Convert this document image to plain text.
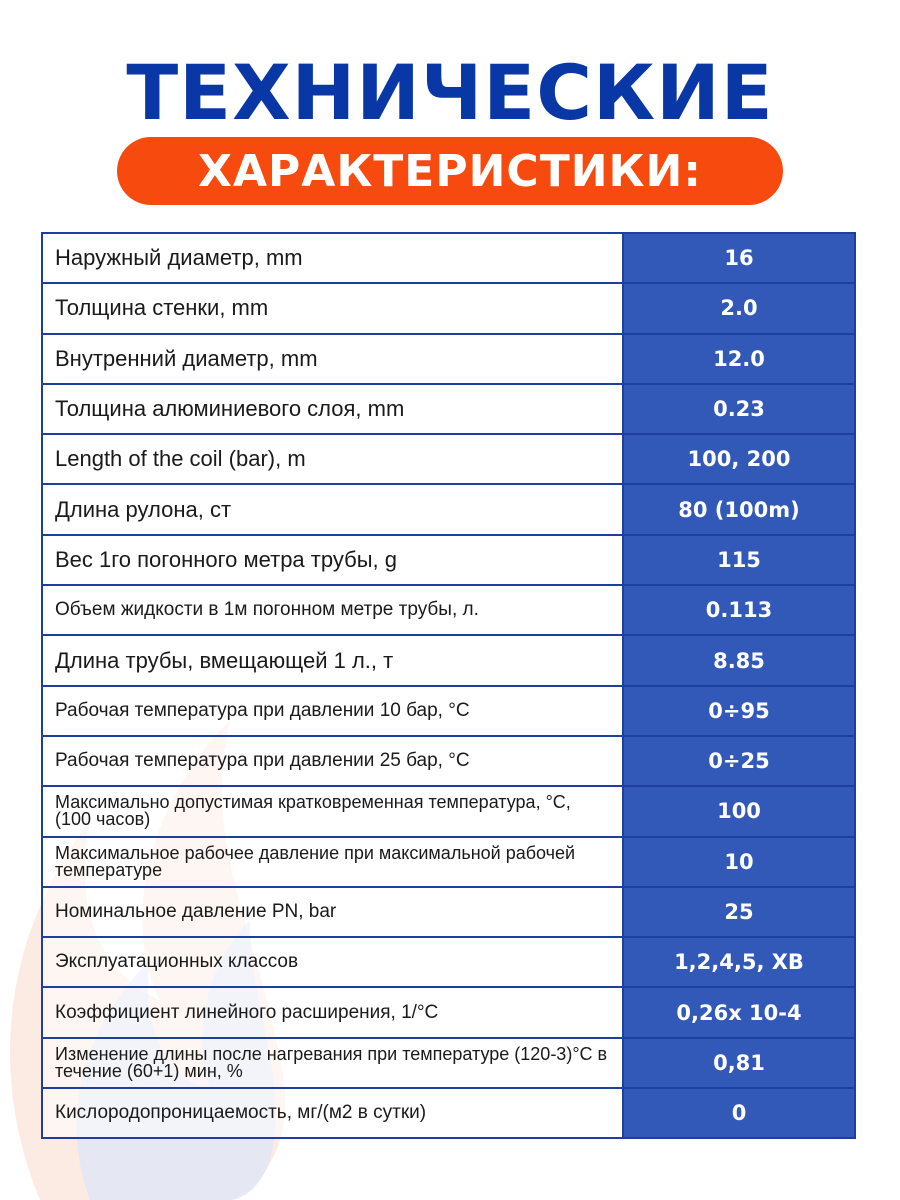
ТЕХНИЧЕСКИЕ
ХАРАКТЕРИСТИКИ:
Наружный диаметр, mm	16
Толщина стенки, mm	2.0
Внутренний диаметр, mm	12.0
Толщина алюминиевого слоя, mm	0.23
Length of the coil (bar), m	100, 200
Длина рулона, ст	80 (100m)
Вес 1го погонного метра трубы, g	115
Объем жидкости в 1м погонном метре трубы, л.	0.113
Длина трубы, вмещающей 1 л., т	8.85
Рабочая температура при давлении 10 бар, °С	0÷95
Рабочая температура при давлении 25 бар, °С	0÷25
Максимально допустимая кратковременная температура, °С, (100 часов)	100
Максимальное рабочее давление при максимальной рабочей температуре	10
Номинальное давление PN, bar	25
Эксплуатационных классов	1,2,4,5, ХВ
Коэффициент линейного расширения, 1/°С	0,26х 10-4
Изменение длины после нагревания при температуре (120-3)°С в течение (60+1) мин, %	0,81
Кислородопроницаемость, мг/(м2 в сутки)	0
